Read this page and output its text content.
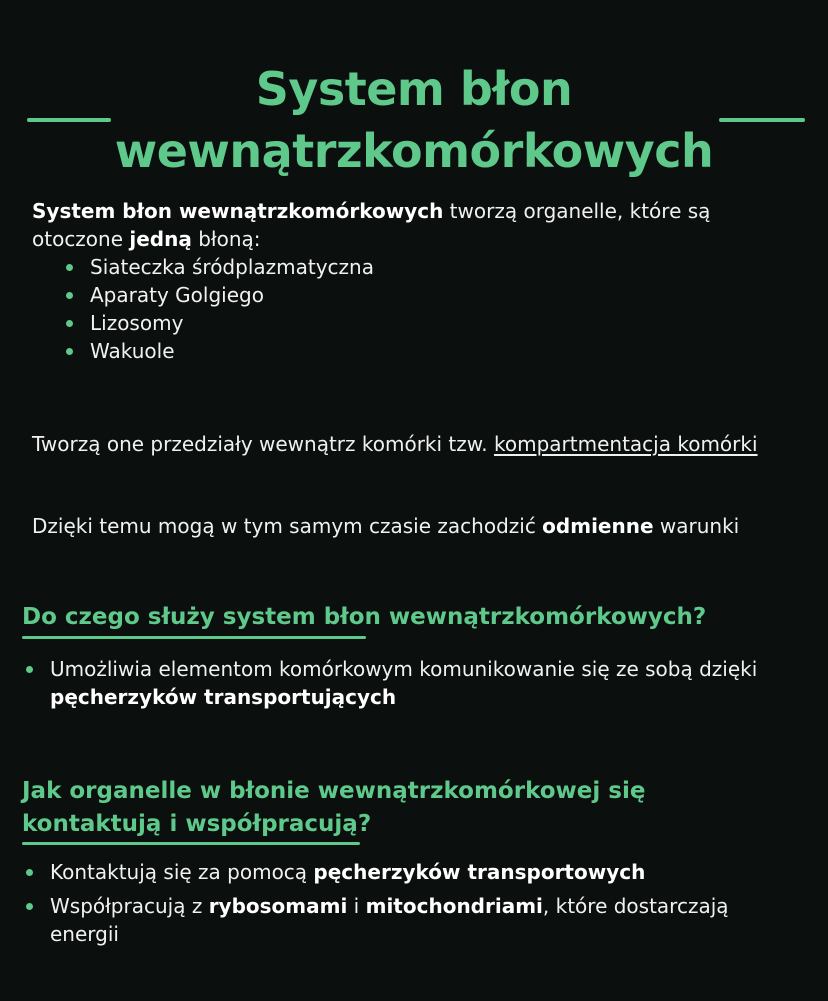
System błon
wewnątrzkomórkowych

System błon wewnątrzkomórkowych tworzą organelle, które są otoczone jedną błoną:

Siateczka śródplazmatyczna
Aparaty Golgiego
Lizosomy
Wakuole

Tworzą one przedziały wewnątrz komórki tzw. kompartmentacja komórki

Dzięki temu mogą w tym samym czasie zachodzić odmienne warunki

Do czego służy system błon wewnątrzkomórkowych?
Umożliwia elementom komórkowym komunikowanie się ze sobą dzięki pęcherzyków transportujących
Jak organelle w błonie wewnątrzkomórkowej się
kontaktują i współpracują?
Kontaktują się za pomocą pęcherzyków transportowych
Współpracują z rybosomami i mitochondriami, które dostarczają energii
